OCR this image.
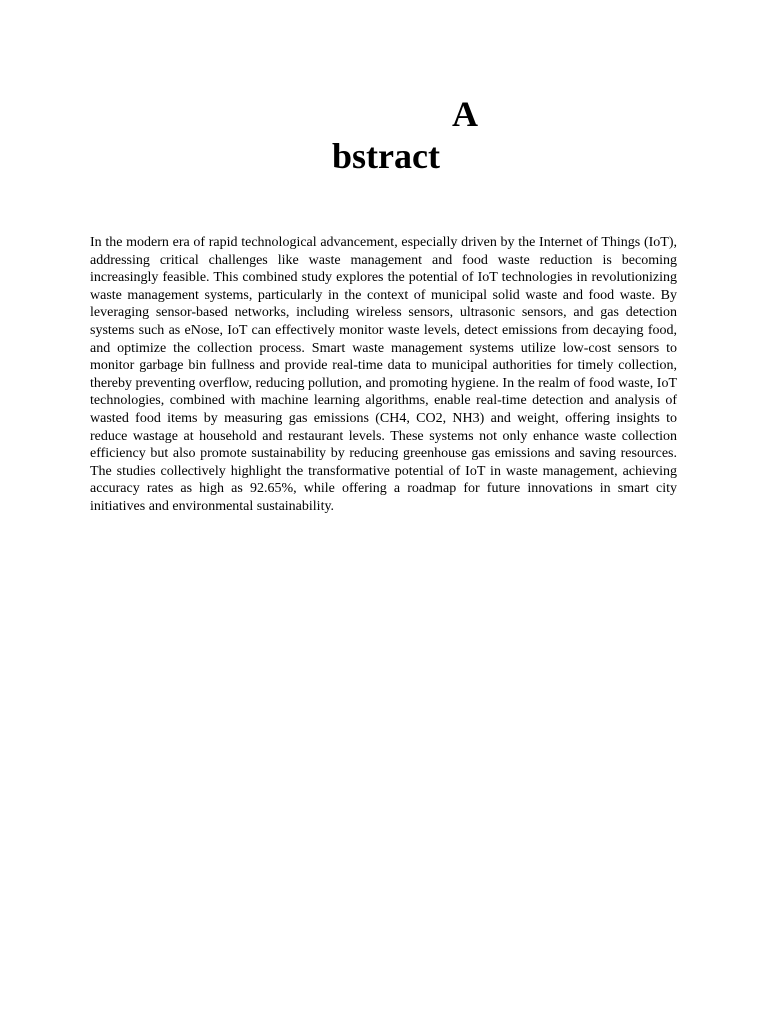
A
bstract

In the modern era of rapid technological advancement, especially driven by the Internet of Things (IoT), addressing critical challenges like waste management and food waste reduction is becoming increasingly feasible. This combined study explores the potential of IoT technologies in revolutionizing waste management systems, particularly in the context of municipal solid waste and food waste. By leveraging sensor-based networks, including wireless sensors, ultrasonic sensors, and gas detection systems such as eNose, IoT can effectively monitor waste levels, detect emissions from decaying food, and optimize the collection process. Smart waste management systems utilize low-cost sensors to monitor garbage bin fullness and provide real-time data to municipal authorities for timely collection, thereby preventing overflow, reducing pollution, and promoting hygiene. In the realm of food waste, IoT technologies, combined with machine learning algorithms, enable real-time detection and analysis of wasted food items by measuring gas emissions (CH4, CO2, NH3) and weight, offering insights to reduce wastage at household and restaurant levels. These systems not only enhance waste collection efficiency but also promote sustainability by reducing greenhouse gas emissions and saving resources. The studies collectively highlight the transformative potential of IoT in waste management, achieving accuracy rates as high as 92.65%, while offering a roadmap for future innovations in smart city initiatives and environmental sustainability.
